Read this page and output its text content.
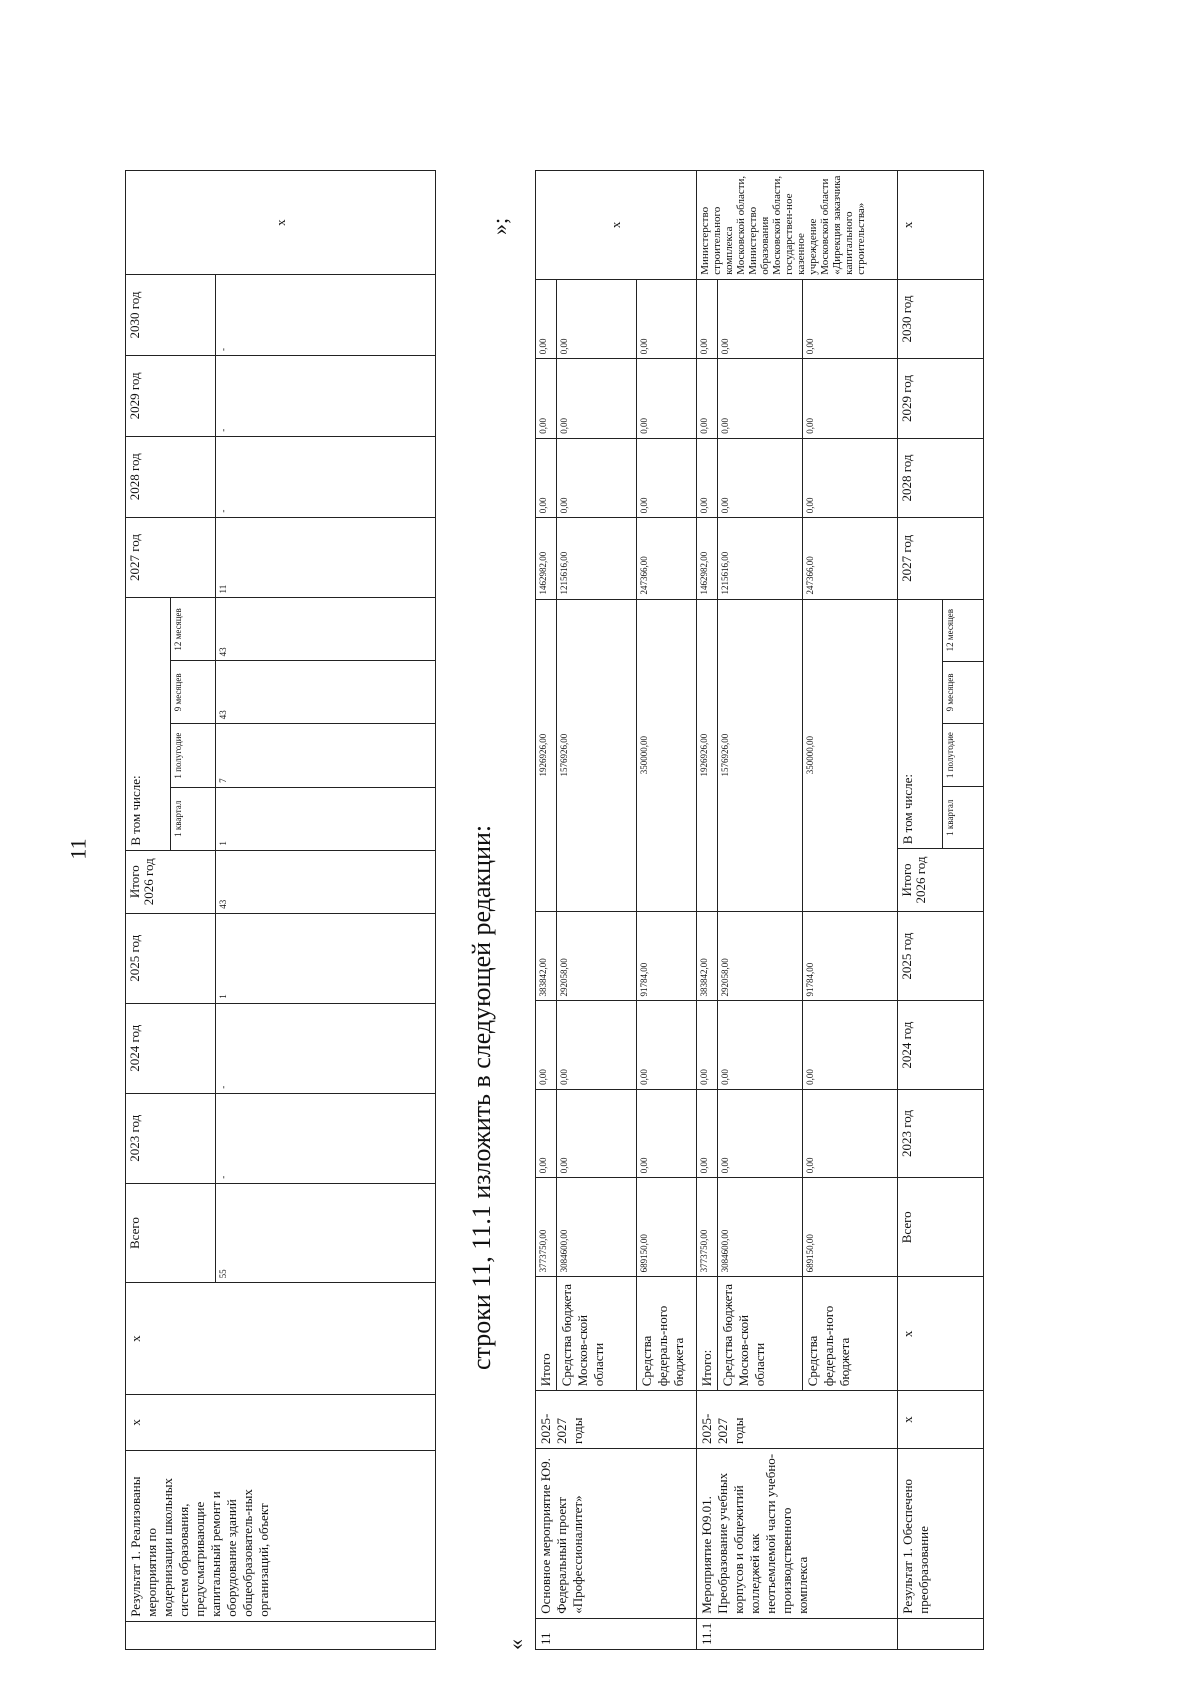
11
	Результат 1. Реализованы мероприятия по модернизации школьных систем образования, предусматривающие капитальный ремонт и оборудование зданий общеобразователь-ных организаций, объект	х	х	Всего	2023 год	2024 год	2025 год	Итого 2026 год	В том числе:				2027 год	2028 год	2029 год	2030 год	х
									1 квартал	1 полугодие	9 месяцев	12 месяцев					
				55	-	-	1	43	1	7	43	43	11	-	-	-	
»;
строки 11, 11.1 изложить в следующей редакции:
« 11	Основное мероприятие Ю9. Федеральный проект «Профессионалитет»	2025-2027 годы	Итого	3773750,00	0,00	0,00	383842,00	1926926,00					1462982,00	0,00	0,00	0,00	х
			Средства бюджета Москов-ской области	3084600,00	0,00	0,00	292058,00	1576926,00					1215616,00	0,00	0,00	0,00	
			Средства федераль-ного бюджета	689150,00	0,00	0,00	91784,00	350000,00					247366,00	0,00	0,00	0,00	
11.1	Мероприятие Ю9.01. Преобразование учебных корпусов и общежитий колледжей как неотъемлемой части учебно-производственного комплекса	2025-2027 годы	Итого:	3773750,00	0,00	0,00	383842,00	1926926,00					1462982,00	0,00	0,00	0,00	Министерство строительного комплекса Московской области, Министерство образования Московской области, государствен-ное казенное учреждение Московской области «Дирекция заказчика капитального строительства»
			Средства бюджета Москов-ской области	3084600,00	0,00	0,00	292058,00	1576926,00					1215616,00	0,00	0,00	0,00	
			Средства федераль-ного бюджета	689150,00	0,00	0,00	91784,00	350000,00					247366,00	0,00	0,00	0,00	
	Результат 1. Обеспечено преобразование	х	х	Всего	2023 год	2024 год	2025 год	Итого 2026 год	В том числе:				2027 год	2028 год	2029 год	2030 год	х
									1 квартал	1 полугодие	9 месяцев	12 месяцев					
